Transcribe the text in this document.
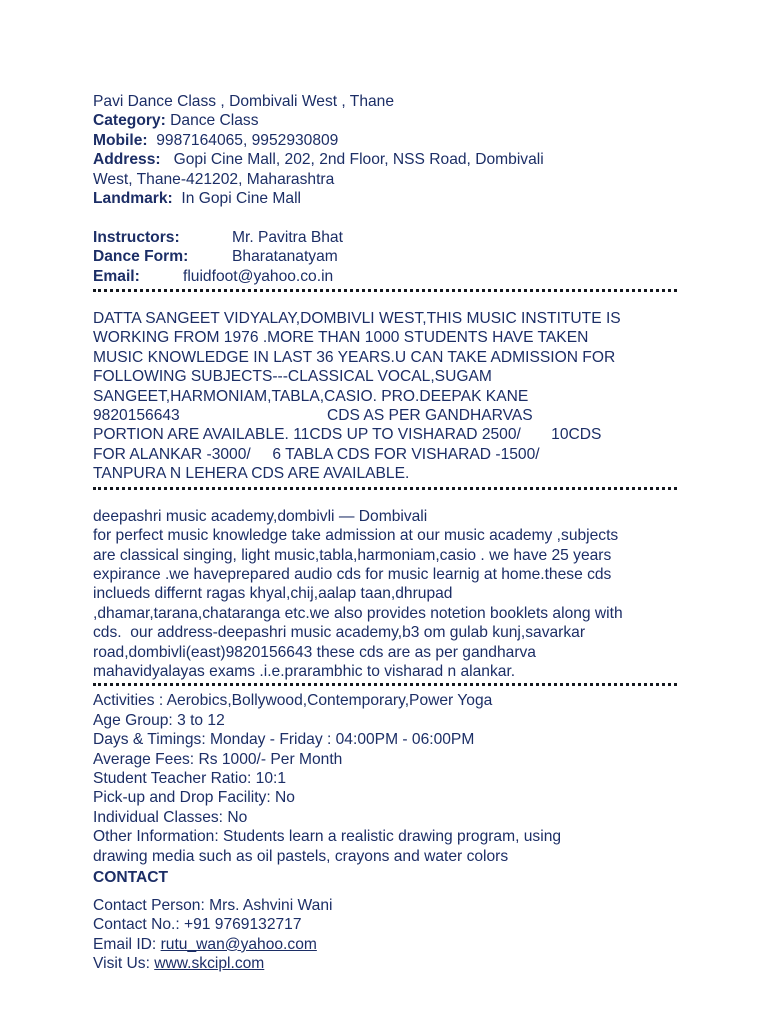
Pavi Dance Class , Dombivali West , Thane
Category: Dance Class
Mobile:  9987164065, 9952930809
Address:   Gopi Cine Mall, 202, 2nd Floor, NSS Road, Dombivali
West, Thane-421202, Maharashtra
Landmark:  In Gopi Cine Mall
Instructors:	Mr. Pavitra Bhat
Dance Form:	Bharatanatyam
Email:	fluidfoot@yahoo.co.in
DATTA SANGEET VIDYALAY,DOMBIVLI WEST,THIS MUSIC INSTITUTE IS
WORKING FROM 1976 .MORE THAN 1000 STUDENTS HAVE TAKEN
MUSIC KNOWLEDGE IN LAST 36 YEARS.U CAN TAKE ADMISSION FOR
FOLLOWING SUBJECTS---CLASSICAL VOCAL,SUGAM
SANGEET,HARMONIAM,TABLA,CASIO. PRO.DEEPAK KANE
9820156643                                  CDS AS PER GANDHARVAS
PORTION ARE AVAILABLE. 11CDS UP TO VISHARAD 2500/       10CDS
FOR ALANKAR -3000/     6 TABLA CDS FOR VISHARAD -1500/
TANPURA N LEHERA CDS ARE AVAILABLE.
deepashri music academy,dombivli — Dombivali
for perfect music knowledge take admission at our music academy ,subjects
are classical singing, light music,tabla,harmoniam,casio . we have 25 years
expirance .we haveprepared audio cds for music learnig at home.these cds
inclueds differnt ragas khyal,chij,aalap taan,dhrupad
,dhamar,tarana,chataranga etc.we also provides notetion booklets along with
cds.  our address-deepashri music academy,b3 om gulab kunj,savarkar
road,dombivli(east)9820156643 these cds are as per gandharva
mahavidyalayas exams .i.e.prarambhic to visharad n alankar.
Activities : Aerobics,Bollywood,Contemporary,Power Yoga
Age Group: 3 to 12
Days & Timings: Monday - Friday : 04:00PM - 06:00PM
Average Fees: Rs 1000/- Per Month
Student Teacher Ratio: 10:1
Pick-up and Drop Facility: No
Individual Classes: No
Other Information: Students learn a realistic drawing program, using
drawing media such as oil pastels, crayons and water colors
CONTACT
Contact Person: Mrs. Ashvini Wani
Contact No.: +91 9769132717
Email ID: rutu_wan@yahoo.com
Visit Us: www.skcipl.com
